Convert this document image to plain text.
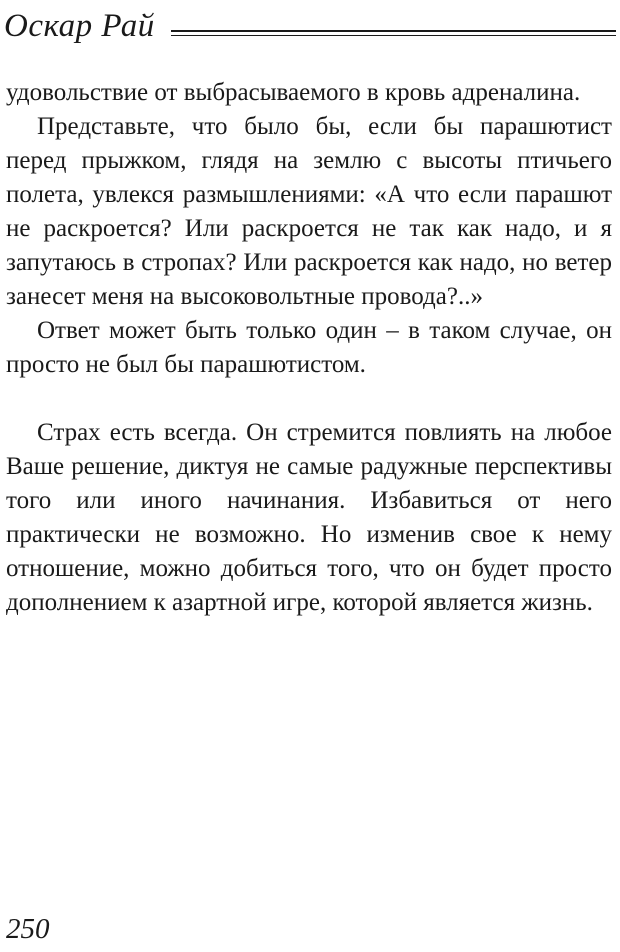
Оскар Рай

удовольствие от выбрасываемого в кровь адреналина.

Представьте, что было бы, если бы парашютист перед прыжком, глядя на землю с высоты птичьего полета, увлекся размышлениями: «А что если парашют не раскроется? Или раскроется не так как надо, и я запутаюсь в стропах? Или раскроется как надо, но ветер занесет меня на высоковольтные провода?..»

Ответ может быть только один – в таком случае, он просто не был бы парашютистом.

Страх есть всегда. Он стремится повлиять на любое Ваше решение, диктуя не самые радужные перспективы того или иного начинания. Избавиться от него практически не возможно. Но изменив свое к нему отношение, можно добиться того, что он будет просто дополнением к азартной игре, которой является жизнь.

250
